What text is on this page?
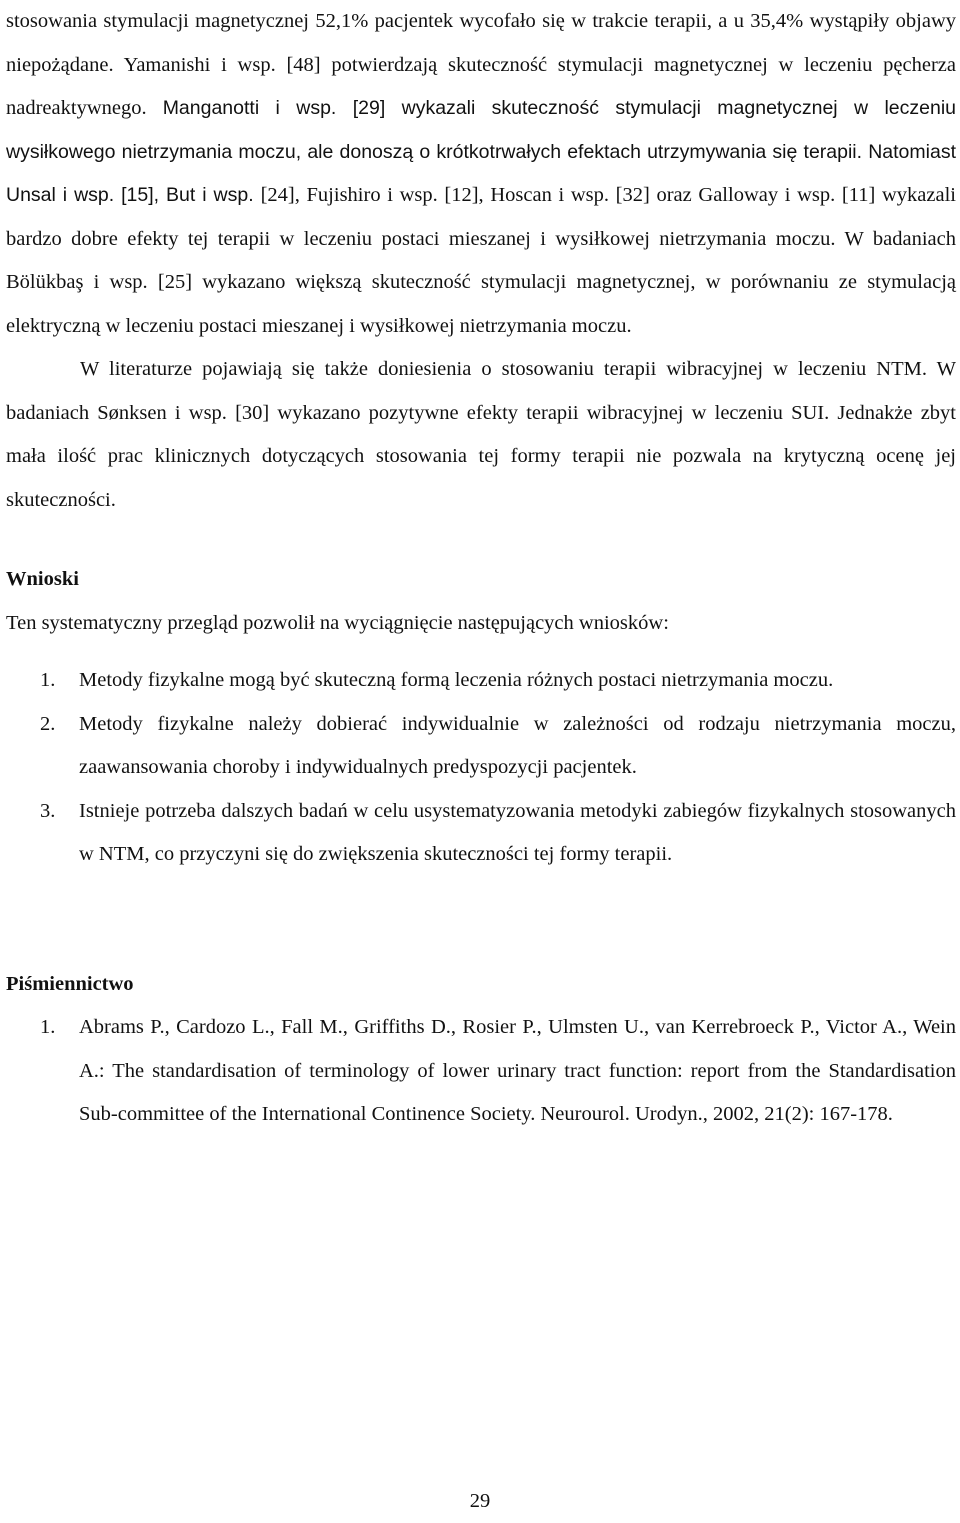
stosowania stymulacji magnetycznej 52,1% pacjentek wycofało się w trakcie terapii, a u 35,4% wystąpiły objawy niepożądane. Yamanishi i wsp. [48] potwierdzają skuteczność stymulacji magnetycznej w leczeniu pęcherza nadreaktywnego. Manganotti i wsp. [29] wykazali skuteczność stymulacji magnetycznej w leczeniu wysiłkowego nietrzymania moczu, ale donoszą o krótkotrwałych efektach utrzymywania się terapii. Natomiast Unsal i wsp. [15], But i wsp. [24], Fujishiro i wsp. [12], Hoscan i wsp. [32] oraz Galloway i wsp. [11] wykazali bardzo dobre efekty tej terapii w leczeniu postaci mieszanej i wysiłkowej nietrzymania moczu. W badaniach Bölükbaş i wsp. [25] wykazano większą skuteczność stymulacji magnetycznej, w porównaniu ze stymulacją elektryczną w leczeniu postaci mieszanej i wysiłkowej nietrzymania moczu.

W literaturze pojawiają się także doniesienia o stosowaniu terapii wibracyjnej w leczeniu NTM. W badaniach Sønksen i wsp. [30] wykazano pozytywne efekty terapii wibracyjnej w leczeniu SUI. Jednakże zbyt mała ilość prac klinicznych dotyczących stosowania tej formy terapii nie pozwala na krytyczną ocenę jej skuteczności.

Wnioski

Ten systematyczny przegląd pozwolił na wyciągnięcie następujących wniosków:

1. Metody fizykalne mogą być skuteczną formą leczenia różnych postaci nietrzymania moczu.
2. Metody fizykalne należy dobierać indywidualnie w zależności od rodzaju nietrzymania moczu, zaawansowania choroby i indywidualnych predyspozycji pacjentek.
3. Istnieje potrzeba dalszych badań w celu usystematyzowania metodyki zabiegów fizykalnych stosowanych w NTM, co przyczyni się do zwiększenia skuteczności tej formy terapii.
Piśmiennictwo
1. Abrams P., Cardozo L., Fall M., Griffiths D., Rosier P., Ulmsten U., van Kerrebroeck P., Victor A., Wein A.: The standardisation of terminology of lower urinary tract function: report from the Standardisation Sub-committee of the International Continence Society. Neurourol. Urodyn., 2002, 21(2): 167-178.
29
